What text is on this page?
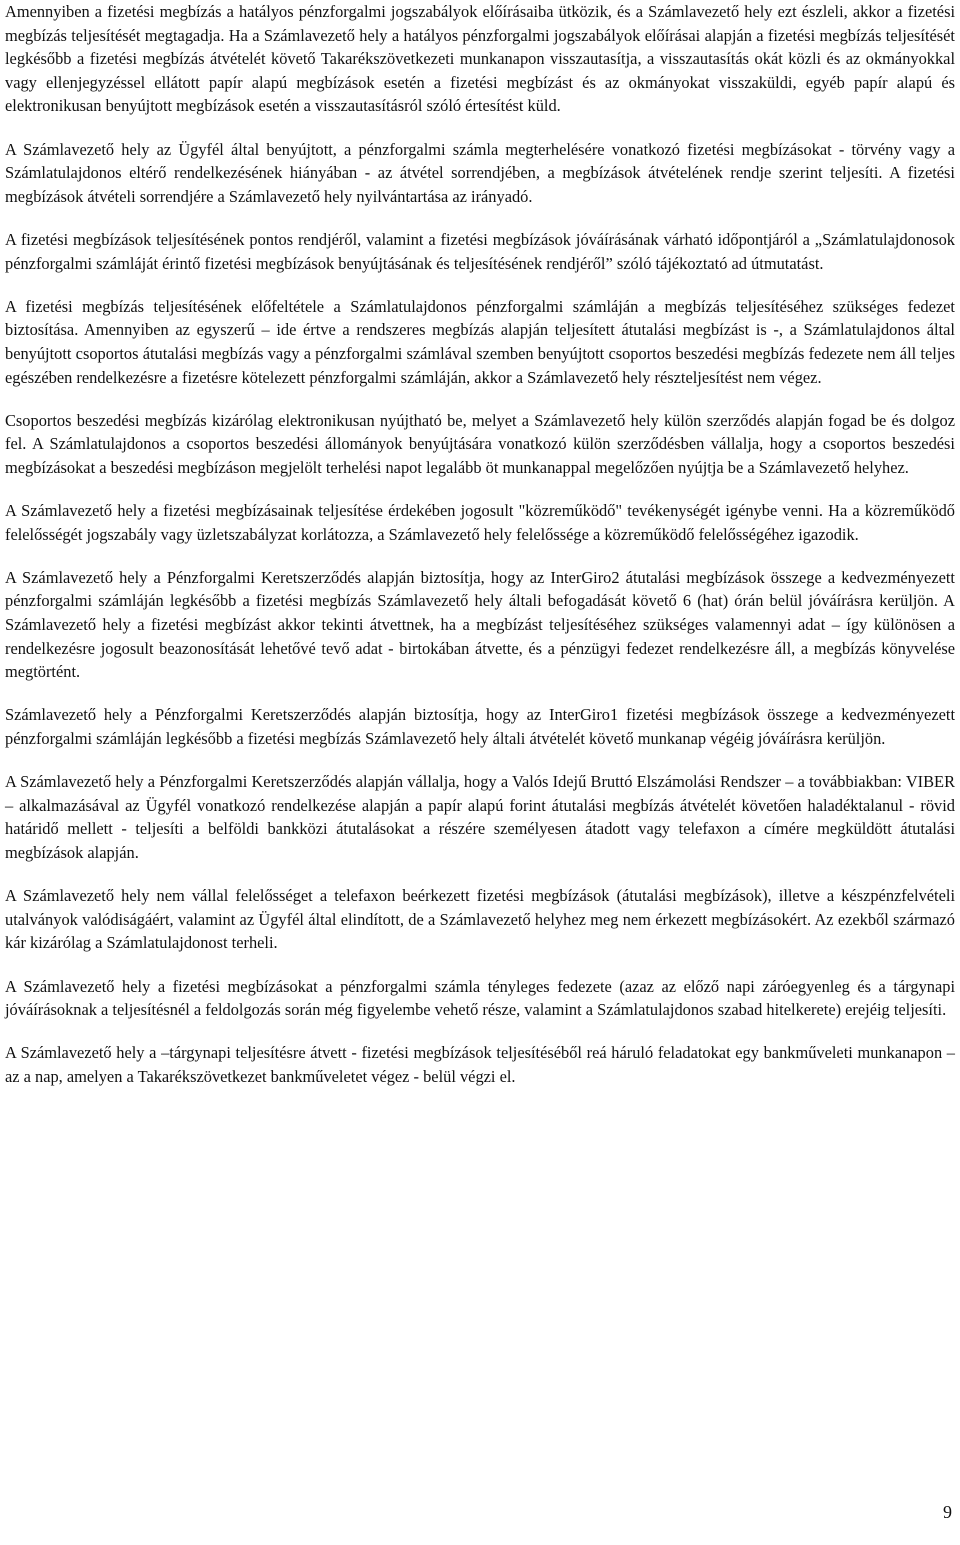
Amennyiben a fizetési megbízás a hatályos pénzforgalmi jogszabályok előírásaiba ütközik, és a Számlavezető hely ezt észleli, akkor a fizetési megbízás teljesítését megtagadja. Ha a Számlavezető hely a hatályos pénzforgalmi jogszabályok előírásai alapján a fizetési megbízás teljesítését legkésőbb a fizetési megbízás átvételét követő Takarékszövetkezeti munkanapon visszautasítja, a visszautasítás okát közli és az okmányokkal vagy ellenjegyzéssel ellátott papír alapú megbízások esetén a fizetési megbízást és az okmányokat visszaküldi, egyéb papír alapú és elektronikusan benyújtott megbízások esetén a visszautasításról szóló értesítést küld.

A Számlavezető hely az Ügyfél által benyújtott, a pénzforgalmi számla megterhelésére vonatkozó fizetési megbízásokat - törvény vagy a Számlatulajdonos eltérő rendelkezésének hiányában - az átvétel sorrendjében, a megbízások átvételének rendje szerint teljesíti. A fizetési megbízások átvételi sorrendjére a Számlavezető hely nyilvántartása az irányadó.

A fizetési megbízások teljesítésének pontos rendjéről, valamint a fizetési megbízások jóváírásának várható időpontjáról a „Számlatulajdonosok pénzforgalmi számláját érintő fizetési megbízások benyújtásának és teljesítésének rendjéről” szóló tájékoztató ad útmutatást.

A fizetési megbízás teljesítésének előfeltétele a Számlatulajdonos pénzforgalmi számláján a megbízás teljesítéséhez szükséges fedezet biztosítása. Amennyiben az egyszerű – ide értve a rendszeres megbízás alapján teljesített átutalási megbízást is -, a Számlatulajdonos által benyújtott csoportos átutalási megbízás vagy a pénzforgalmi számlával szemben benyújtott csoportos beszedési megbízás fedezete nem áll teljes egészében rendelkezésre a fizetésre kötelezett pénzforgalmi számláján, akkor a Számlavezető hely részteljesítést nem végez.

Csoportos beszedési megbízás kizárólag elektronikusan nyújtható be, melyet a Számlavezető hely külön szerződés alapján fogad be és dolgoz fel. A Számlatulajdonos a csoportos beszedési állományok benyújtására vonatkozó külön szerződésben vállalja, hogy a csoportos beszedési megbízásokat a beszedési megbízáson megjelölt terhelési napot legalább öt munkanappal megelőzően nyújtja be a Számlavezető helyhez.

A Számlavezető hely a fizetési megbízásainak teljesítése érdekében jogosult "közreműködő" tevékenységét igénybe venni. Ha a közreműködő felelősségét jogszabály vagy üzletszabályzat korlátozza, a Számlavezető hely felelőssége a közreműködő felelősségéhez igazodik.

A Számlavezető hely a Pénzforgalmi Keretszerződés alapján biztosítja, hogy az InterGiro2 átutalási megbízások összege a kedvezményezett pénzforgalmi számláján legkésőbb a fizetési megbízás Számlavezető hely általi befogadását követő 6 (hat) órán belül jóváírásra kerüljön. A Számlavezető hely a fizetési megbízást akkor tekinti átvettnek, ha a megbízást teljesítéséhez szükséges valamennyi adat – így különösen a rendelkezésre jogosult beazonosítását lehetővé tevő adat - birtokában átvette, és a pénzügyi fedezet rendelkezésre áll, a megbízás könyvelése megtörtént.

Számlavezető hely a Pénzforgalmi Keretszerződés alapján biztosítja, hogy az InterGiro1 fizetési megbízások összege a kedvezményezett pénzforgalmi számláján legkésőbb a fizetési megbízás Számlavezető hely általi átvételét követő munkanap végéig jóváírásra kerüljön.

A Számlavezető hely a Pénzforgalmi Keretszerződés alapján vállalja, hogy a Valós Idejű Bruttó Elszámolási Rendszer – a továbbiakban: VIBER – alkalmazásával az Ügyfél vonatkozó rendelkezése alapján a papír alapú forint átutalási megbízás átvételét követően haladéktalanul - rövid határidő mellett - teljesíti a belföldi bankközi átutalásokat a részére személyesen átadott vagy telefaxon a címére megküldött átutalási megbízások alapján.

A Számlavezető hely nem vállal felelősséget a telefaxon beérkezett fizetési megbízások (átutalási megbízások), illetve a készpénzfelvételi utalványok valódiságáért, valamint az Ügyfél által elindított, de a Számlavezető helyhez meg nem érkezett megbízásokért. Az ezekből származó kár kizárólag a Számlatulajdonost terheli.

A Számlavezető hely a fizetési megbízásokat a pénzforgalmi számla tényleges fedezete (azaz az előző napi záróegyenleg és a tárgynapi jóváírásoknak a teljesítésnél a feldolgozás során még figyelembe vehető része, valamint a Számlatulajdonos szabad hitelkerete) erejéig teljesíti.

A Számlavezető hely a –tárgynapi teljesítésre átvett - fizetési megbízások teljesítéséből reá háruló feladatokat egy bankműveleti munkanapon – az a nap, amelyen a Takarékszövetkezet bankműveletet végez - belül végzi el.

9
